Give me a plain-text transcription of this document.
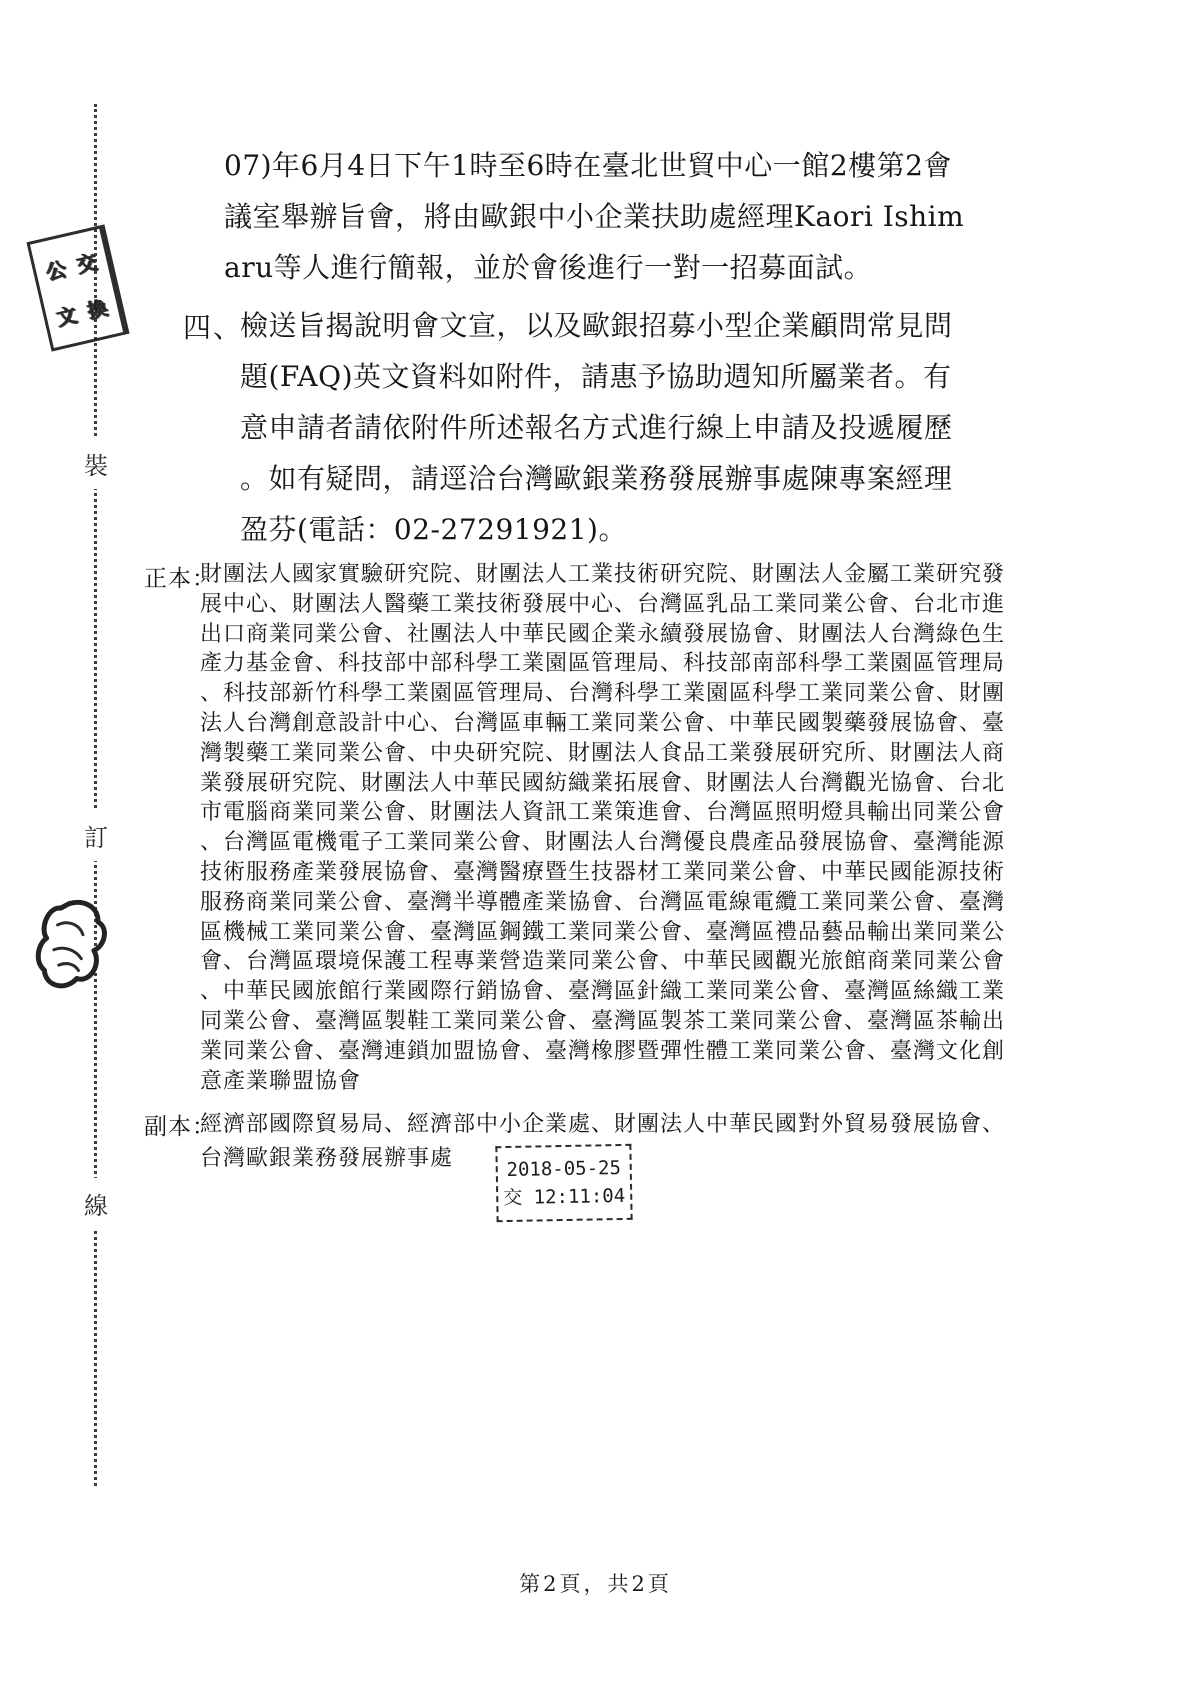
裝
訂
線
公 交
文 換
07)年6月4日下午1時至6時在臺北世貿中心一館2樓第2會
議室舉辦旨會，將由歐銀中小企業扶助處經理Kaori Ishim
aru等人進行簡報，並於會後進行一對一招募面試。
四、
檢送旨揭說明會文宣，以及歐銀招募小型企業顧問常見問
題(FAQ)英文資料如附件，請惠予協助週知所屬業者。有
意申請者請依附件所述報名方式進行線上申請及投遞履歷
。如有疑問，請逕洽台灣歐銀業務發展辦事處陳專案經理
盈芬(電話：02-27291921)。
正本：
財團法人國家實驗研究院、財團法人工業技術研究院、財團法人金屬工業研究發
展中心、財團法人醫藥工業技術發展中心、台灣區乳品工業同業公會、台北市進
出口商業同業公會、社團法人中華民國企業永續發展協會、財團法人台灣綠色生
產力基金會、科技部中部科學工業園區管理局、科技部南部科學工業園區管理局
、科技部新竹科學工業園區管理局、台灣科學工業園區科學工業同業公會、財團
法人台灣創意設計中心、台灣區車輛工業同業公會、中華民國製藥發展協會、臺
灣製藥工業同業公會、中央研究院、財團法人食品工業發展研究所、財團法人商
業發展研究院、財團法人中華民國紡織業拓展會、財團法人台灣觀光協會、台北
市電腦商業同業公會、財團法人資訊工業策進會、台灣區照明燈具輸出同業公會
、台灣區電機電子工業同業公會、財團法人台灣優良農產品發展協會、臺灣能源
技術服務產業發展協會、臺灣醫療暨生技器材工業同業公會、中華民國能源技術
服務商業同業公會、臺灣半導體產業協會、台灣區電線電纜工業同業公會、臺灣
區機械工業同業公會、臺灣區鋼鐵工業同業公會、臺灣區禮品藝品輸出業同業公
會、台灣區環境保護工程專業營造業同業公會、中華民國觀光旅館商業同業公會
、中華民國旅館行業國際行銷協會、臺灣區針織工業同業公會、臺灣區絲織工業
同業公會、臺灣區製鞋工業同業公會、臺灣區製茶工業同業公會、臺灣區茶輸出
業同業公會、臺灣連鎖加盟協會、臺灣橡膠暨彈性體工業同業公會、臺灣文化創
意產業聯盟協會
副本：
經濟部國際貿易局、經濟部中小企業處、財團法人中華民國對外貿易發展協會、
台灣歐銀業務發展辦事處	2018-05-25
交 12:11:04
第2頁，共2頁
